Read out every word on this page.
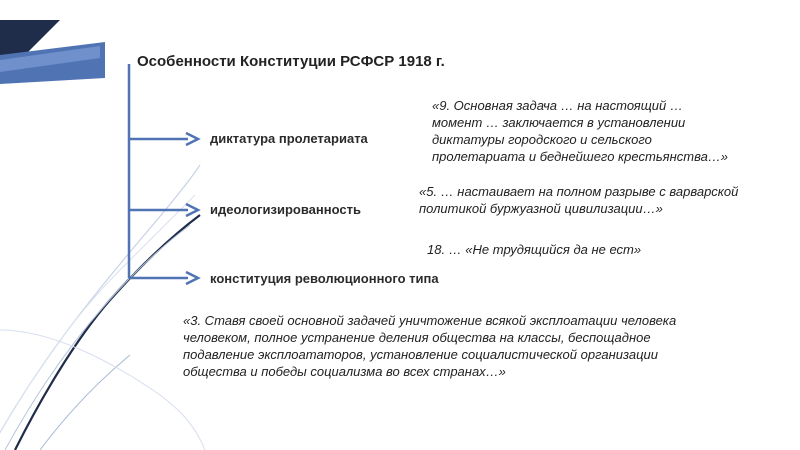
Особенности Конституции РСФСР 1918 г.
диктатура пролетариата
идеологизированность
конституция революционного типа
«9. Основная задача … на настоящий …
момент … заключается в установлении
диктатуры городского и сельского
пролетариата и беднейшего крестьянства…»
«5. … настаивает на полном разрыве с варварской
политикой буржуазной цивилизации…»
18. … «Не трудящийся да не ест»
«3. Ставя своей основной задачей уничтожение всякой эксплоатации человека
человеком, полное устранение деления общества на классы, беспощадное
подавление эксплоататоров, установление социалистической организации
общества и победы социализма во всех странах…»
